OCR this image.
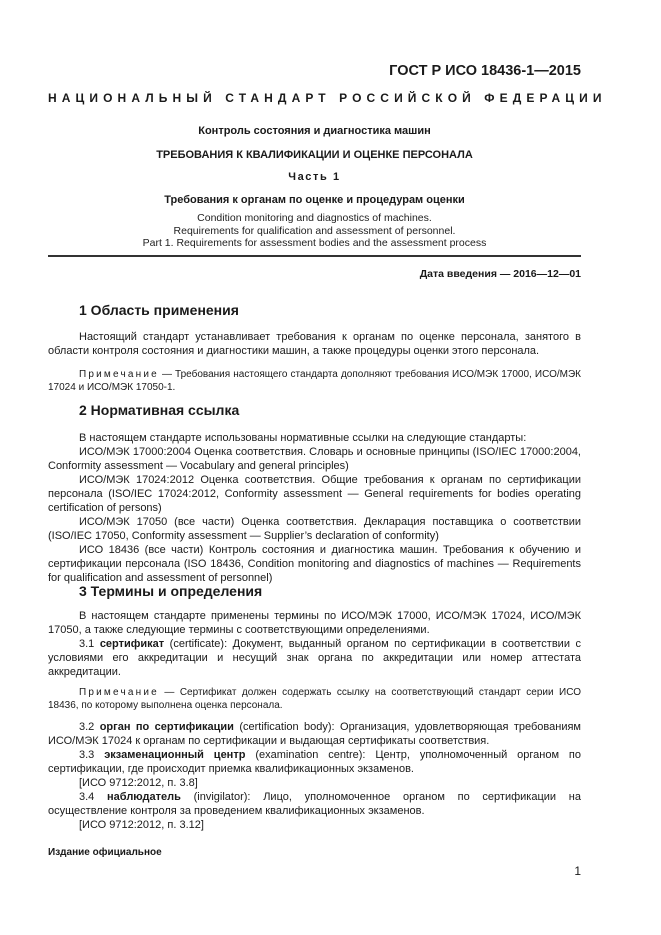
ГОСТ Р ИСО 18436-1—2015
НАЦИОНАЛЬНЫЙ СТАНДАРТ РОССИЙСКОЙ ФЕДЕРАЦИИ
Контроль состояния и диагностика машин
ТРЕБОВАНИЯ К КВАЛИФИКАЦИИ И ОЦЕНКЕ ПЕРСОНАЛА
Часть 1
Требования к органам по оценке и процедурам оценки
Condition monitoring and diagnostics of machines.
Requirements for qualification and assessment of personnel.
Part 1. Requirements for assessment bodies and the assessment process
Дата введения — 2016—12—01
1 Область применения

Настоящий стандарт устанавливает требования к органам по оценке персонала, занятого в области контроля состояния и диагностики машин, а также процедуры оценки этого персонала.

Примечание — Требования настоящего стандарта дополняют требования ИСО/МЭК 17000, ИСО/МЭК 17024 и ИСО/МЭК 17050-1.

2 Нормативная ссылка

В настоящем стандарте использованы нормативные ссылки на следующие стандарты:

ИСО/МЭК 17000:2004 Оценка соответствия. Словарь и основные принципы (ISO/IEC 17000:2004, Conformity assessment — Vocabulary and general principles)

ИСО/МЭК 17024:2012 Оценка соответствия. Общие требования к органам по сертификации персонала (ISO/IEC 17024:2012, Conformity assessment — General requirements for bodies operating certification of persons)

ИСО/МЭК 17050 (все части) Оценка соответствия. Декларация поставщика о соответствии (ISO/IEC 17050, Conformity assessment — Supplier’s declaration of conformity)

ИСО 18436 (все части) Контроль состояния и диагностика машин. Требования к обучению и сертификации персонала (ISO 18436, Condition monitoring and diagnostics of machines — Requirements for qualification and assessment of personnel)

3 Термины и определения

В настоящем стандарте применены термины по ИСО/МЭК 17000, ИСО/МЭК 17024, ИСО/МЭК 17050, а также следующие термины с соответствующими определениями.

3.1 сертификат (certificate): Документ, выданный органом по сертификации в соответствии с условиями его аккредитации и несущий знак органа по аккредитации или номер аттестата аккредитации.

Примечание — Сертификат должен содержать ссылку на соответствующий стандарт серии ИСО 18436, по которому выполнена оценка персонала.

3.2 орган по сертификации (certification body): Организация, удовлетворяющая требованиям ИСО/МЭК 17024 к органам по сертификации и выдающая сертификаты соответствия.

3.3 экзаменационный центр (examination centre): Центр, уполномоченный органом по сертификации, где происходит приемка квалификационных экзаменов.

[ИСО 9712:2012, п. 3.8]

3.4 наблюдатель (invigilator): Лицо, уполномоченное органом по сертификации на осуществление контроля за проведением квалификационных экзаменов.

[ИСО 9712:2012, п. 3.12]

Издание официальное
1
